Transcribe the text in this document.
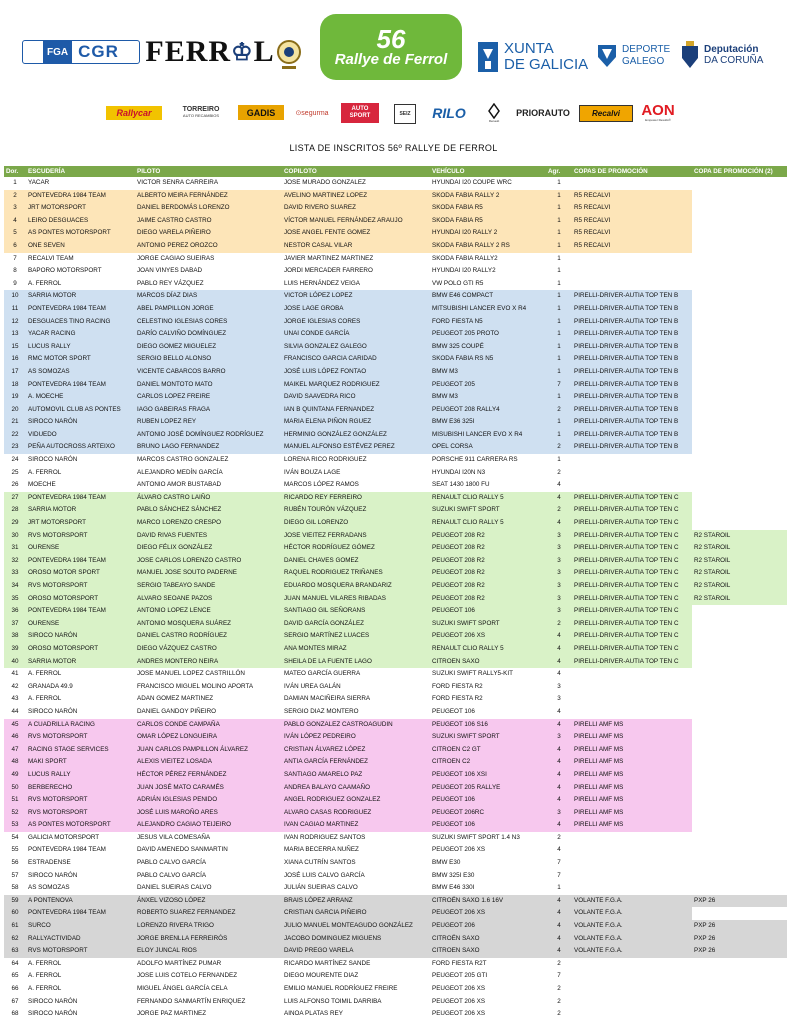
FGA CGR FERR ♔ L	56
Rallye de Ferrol
XUNTA
DE GALICIA
DEPORTE
GALEGO
Deputación
DA CORUÑA
Rallycar	TORREIRO
AUTO RECAMBIOS	GADIS	⊙segurma
AUTO
SPORT	SEIZ	RILO	Renault
PRIORAUTO	Recalvi	AON
Empower Results®
LISTA DE INSCRITOS 56º RALLYE DE FERROL
Dor.	ESCUDERÍA	PILOTO	COPILOTO	VEHÍCULO	Agr.	COPAS DE PROMOCIÓN	COPA DE PROMOCIÓN (2)
1	YACAR	VICTOR SENRA CARREIRA	JOSE MURADO GONZALEZ	HYUNDAI I20 COUPE WRC	1		
2	PONTEVEDRA 1984 TEAM	ALBERTO MEIRA FERNÁNDEZ	AVELINO MARTINEZ LOPEZ	SKODA FABIA RALLY 2	1	R5 RECALVI	
3	JRT MOTORSPORT	DANIEL BERDOMÁS LORENZO	DAVID RIVERO SUAREZ	SKODA FABIA R5	1	R5 RECALVI	
4	LEIRO DESGUACES	JAIME CASTRO CASTRO	VÍCTOR MANUEL FERNÁNDEZ ARAUJO	SKODA FABIA R5	1	R5 RECALVI	
5	AS PONTES MOTORSPORT	DIEGO VARELA PIÑEIRO	JOSE ANGEL FENTE GOMEZ	HYUNDAI I20 RALLY 2	1	R5 RECALVI	
6	ONE SEVEN	ANTONIO PEREZ OROZCO	NESTOR CASAL VILAR	SKODA FABIA RALLY 2 RS	1	R5 RECALVI	
7	RECALVI TEAM	JORGE CAGIAO SUEIRAS	JAVIER MARTINEZ MARTINEZ	SKODA FABIA RALLY2	1		
8	BAPORO MOTORSPORT	JOAN VINYES DABAD	JORDI MERCADER FARRERO	HYUNDAI I20 RALLY2	1		
9	A. FERROL	PABLO REY VÁZQUEZ	LUIS HERNÁNDEZ VEIGA	VW POLO GTI R5	1		
10	SARRIA MOTOR	MARCOS DÍAZ DIAS	VICTOR LÓPEZ LOPEZ	BMW E46 COMPACT	1	PIRELLI-DRIVER-AUTIA TOP TEN B	
11	PONTEVEDRA 1984 TEAM	ABEL PAMPILLON JORGE	JOSE LAGE GROBA	MITSUBISHI LANCER EVO X R4	1	PIRELLI-DRIVER-AUTIA TOP TEN B	
12	DESGUACES TINO RACING	CELESTINO IGLESIAS CORES	JORGE IGLESIAS CORES	FORD FIESTA N5	1	PIRELLI-DRIVER-AUTIA TOP TEN B	
13	YACAR RACING	DARÍO CALVIÑO DOMÍNGUEZ	UNAI CONDE GARCÍA	PEUGEOT 205 PROTO	1	PIRELLI-DRIVER-AUTIA TOP TEN B	
15	LUCUS RALLY	DIEGO GOMEZ MIGUELEZ	SILVIA GONZALEZ GALEGO	BMW 325 COUPÉ	1	PIRELLI-DRIVER-AUTIA TOP TEN B	
16	RMC MOTOR SPORT	SERGIO BELLO ALONSO	FRANCISCO GARCIA CARIDAD	SKODA FABIA RS N5	1	PIRELLI-DRIVER-AUTIA TOP TEN B	
17	AS SOMOZAS	VICENTE CABARCOS BARRO	JOSÉ LUIS LÓPEZ FONTAO	BMW M3	1	PIRELLI-DRIVER-AUTIA TOP TEN B	
18	PONTEVEDRA 1984 TEAM	DANIEL MONTOTO MATO	MAIKEL MARQUEZ RODRIGUEZ	PEUGEOT 205	7	PIRELLI-DRIVER-AUTIA TOP TEN B	
19	A. MOECHE	CARLOS LOPEZ FREIRE	DAVID SAAVEDRA RICO	BMW M3	1	PIRELLI-DRIVER-AUTIA TOP TEN B	
20	AUTOMOVIL CLUB AS PONTES	IAGO GABEIRAS FRAGA	IAN B QUINTANA FERNANDEZ	PEUGEOT 208 RALLY4	2	PIRELLI-DRIVER-AUTIA TOP TEN B	
21	SIROCO NARÓN	RUBEN LOPEZ REY	MARIA ELENA PIÑON RGUEZ	BMW E36 325I	1	PIRELLI-DRIVER-AUTIA TOP TEN B	
22	VIDUEDO	ANTONIO JOSÉ DOMÍNGUEZ RODRÍGUEZ	HERMINIO GONZÁLEZ GONZÁLEZ	MISUBISHI LANCER EVO X R4	1	PIRELLI-DRIVER-AUTIA TOP TEN B	
23	PEÑA AUTOCROSS ARTEIXO	BRUNO LAGO FERNANDEZ	MANUEL ALFONSO ESTÉVEZ PEREZ	OPEL CORSA	2	PIRELLI-DRIVER-AUTIA TOP TEN B	
24	SIROCO NARÓN	MARCOS CASTRO GONZALEZ	LORENA RICO RODRIGUEZ	PORSCHE 911 CARRERA RS	1		
25	A. FERROL	ALEJANDRO MEDÍN GARCÍA	IVÁN BOUZA LAGE	HYUNDAI I20N N3	2		
26	MOECHE	ANTONIO AMOR BUSTABAD	MARCOS LÓPEZ RAMOS	SEAT 1430 1800 FU	4		
27	PONTEVEDRA 1984 TEAM	ÁLVARO CASTRO LAIÑO	RICARDO REY FERREIRO	RENAULT CLIO RALLY 5	4	PIRELLI-DRIVER-AUTIA TOP TEN C	
28	SARRIA MOTOR	PABLO SÁNCHEZ SÁNCHEZ	RUBÉN TOURÓN VÁZQUEZ	SUZUKI SWIFT SPORT	2	PIRELLI-DRIVER-AUTIA TOP TEN C	
29	JRT MOTORSPORT	MARCO LORENZO CRESPO	DIEGO GIL LORENZO	RENAULT CLIO RALLY 5	4	PIRELLI-DRIVER-AUTIA TOP TEN C	
30	RVS MOTORSPORT	DAVID RIVAS FUENTES	JOSE VIEITEZ FERRADANS	PEUGEOT 208 R2	3	PIRELLI-DRIVER-AUTIA TOP TEN C	R2 STAROIL
31	OURENSE	DIEGO FÉLIX GONZÁLEZ	HÉCTOR RODRÍGUEZ GÓMEZ	PEUGEOT 208 R2	3	PIRELLI-DRIVER-AUTIA TOP TEN C	R2 STAROIL
32	PONTEVEDRA 1984 TEAM	JOSE CARLOS LORENZO CASTRO	DANIEL CHAVES GOMEZ	PEUGEOT 208 R2	3	PIRELLI-DRIVER-AUTIA TOP TEN C	R2 STAROIL
33	OROSO MOTOR SPORT	MANUEL JOSE SOUTO PADERNE	RAQUEL RODRIGUEZ TRIÑANES	PEUGEOT 208 R2	3	PIRELLI-DRIVER-AUTIA TOP TEN C	R2 STAROIL
34	RVS MOTORSPORT	SERGIO TABEAYO SANDE	EDUARDO MOSQUERA BRANDARIZ	PEUGEOT 208 R2	3	PIRELLI-DRIVER-AUTIA TOP TEN C	R2 STAROIL
35	OROSO MOTORSPORT	ALVARO SEOANE PAZOS	JUAN MANUEL VILARES RIBADAS	PEUGEOT 208 R2	3	PIRELLI-DRIVER-AUTIA TOP TEN C	R2 STAROIL
36	PONTEVEDRA 1984 TEAM	ANTONIO LOPEZ LENCE	SANTIAGO GIL SEÑORANS	PEUGEOT 106	3	PIRELLI-DRIVER-AUTIA TOP TEN C	
37	OURENSE	ANTONIO MOSQUERA SUÁREZ	DAVID GARCÍA GONZÁLEZ	SUZUKI SWIFT SPORT	2	PIRELLI-DRIVER-AUTIA TOP TEN C	
38	SIROCO NARÓN	DANIEL CASTRO RODRÍGUEZ	SERGIO MARTÍNEZ LUACES	PEUGEOT 206 XS	4	PIRELLI-DRIVER-AUTIA TOP TEN C	
39	OROSO MOTORSPORT	DIEGO VÁZQUEZ CASTRO	ANA MONTES MIRAZ	RENAULT CLIO RALLY 5	4	PIRELLI-DRIVER-AUTIA TOP TEN C	
40	SARRIA MOTOR	ANDRES MONTERO NEIRA	SHEILA DE LA FUENTE LAGO	CITROEN SAXO	4	PIRELLI-DRIVER-AUTIA TOP TEN C	
41	A. FERROL	JOSE MANUEL LOPEZ CASTRILLÓN	MATEO GARCÍA GUERRA	SUZUKI SWIFT RALLY5-KIT	4		
42	GRANADA 49.9	FRANCISCO MIGUEL MOLINO APORTA	IVÁN UREA GALÁN	FORD FIESTA R2	3		
43	A. FERROL	ADAN GOMEZ MARTINEZ	DAMIAN MACIÑEIRA SIERRA	FORD FIESTA R2	3		
44	SIROCO NARÓN	DANIEL GANDOY PIÑEIRO	SERGIO DIAZ MONTERO	PEUGEOT 106	4		
45	A CUADRILLA RACING	CARLOS CONDE CAMPAÑA	PABLO GONZALEZ CASTROAGUDIN	PEUGEOT 106 S16	4	PIRELLI AMF MS	
46	RVS MOTORSPORT	OMAR LÓPEZ LONGUEIRA	IVÁN LÓPEZ PEDREIRO	SUZUKI SWIFT SPORT	3	PIRELLI AMF MS	
47	RACING STAGE SERVICES	JUAN CARLOS PAMPILLON ÁLVAREZ	CRISTIAN ÁLVAREZ LÓPEZ	CITROEN C2 GT	4	PIRELLI AMF MS	
48	MAKI SPORT	ALEXIS VIEITEZ LOSADA	ANTIA GARCÍA FERNÁNDEZ	CITROEN C2	4	PIRELLI AMF MS	
49	LUCUS RALLY	HÉCTOR PÉREZ FERNÁNDEZ	SANTIAGO AMARELO PAZ	PEUGEOT 106 XSI	4	PIRELLI AMF MS	
50	BERBERECHO	JUAN JOSÉ MATO CARAMÉS	ANDREA BALAYO CAAMAÑO	PEUGEOT 205 RALLYE	4	PIRELLI AMF MS	
51	RVS MOTORSPORT	ADRIÁN IGLESIAS PENIDO	ANGEL RODRIGUEZ GONZALEZ	PEUGEOT 106	4	PIRELLI AMF MS	
52	RVS MOTORSPORT	JOSÉ LUIS MAROÑO ARES	ALVARO CASAS RODRIGUEZ	PEUGEOT 206RC	3	PIRELLI AMF MS	
53	AS PONTES MOTORSPORT	ALEJANDRO CAGIAO TEIJEIRO	IVAN CAGIAO MARTINEZ	PEUGEOT 106	4	PIRELLI AMF MS	
54	GALICIA MOTORSPORT	JESUS VILA COMESAÑA	IVAN RODRIGUEZ SANTOS	SUZUKI SWIFT SPORT 1.4 N3	2		
55	PONTEVEDRA 1984 TEAM	DAVID AMENEDO SANMARTIN	MARIA BECERRA NUÑEZ	PEUGEOT 206 XS	4		
56	ESTRADENSE	PABLO CALVO GARCÍA	XIANA CUTRÍN SANTOS	BMW E30	7		
57	SIROCO NARÓN	PABLO CALVO GARCÍA	JOSÉ LUIS CALVO GARCÍA	BMW 325I E30	7		
58	AS SOMOZAS	DANIEL SUEIRAS CALVO	JULIÁN SUEIRAS CALVO	BMW E46 330I	1		
59	A PONTENOVA	ÁNXEL VIZOSO LÓPEZ	BRAIS LÓPEZ ARRANZ	CITROËN SAXO 1.6 16V	4	VOLANTE F.G.A.	PXP 26
60	PONTEVEDRA 1984 TEAM	ROBERTO SUAREZ FERNANDEZ	CRISTIAN GARCIA PIÑEIRO	PEUGEOT 206 XS	4	VOLANTE F.G.A.	
61	SURCO	LORENZO RIVERA TRIGO	JULIO MANUEL MONTEAGUDO GONZÁLEZ	PEUGEOT 206	4	VOLANTE F.G.A.	PXP 26
62	RALLYACTIVIDAD	JORGE BRENLLA FERREIRÓS	JACOBO DOMINGUEZ MIGUENS	CITROËN SAXO	4	VOLANTE F.G.A.	PXP 26
63	RVS MOTORSPORT	ELOY JUNCAL RIOS	DAVID PREGO VARELA	CITROEN SAXO	4	VOLANTE F.G.A.	PXP 26
64	A. FERROL	ADOLFO MARTÍNEZ PUMAR	RICARDO MARTÍNEZ SANDE	FORD FIESTA R2T	2		
65	A. FERROL	JOSE LUIS COTELO FERNANDEZ	DIEGO MOURENTE DIAZ	PEUGEOT 205 GTI	7		
66	A. FERROL	MIGUEL ÁNGEL GARCÍA CELA	EMILIO MANUEL RODRÍGUEZ FREIRE	PEUGEOT 206 XS	2		
67	SIROCO NARÓN	FERNANDO SANMARTÍN ENRIQUEZ	LUIS ALFONSO TOIMIL DARRIBA	PEUGEOT 206 XS	2		
68	SIROCO NARÓN	JORGE PAZ MARTINEZ	AINOA PLATAS REY	PEUGEOT 206 XS	2		
